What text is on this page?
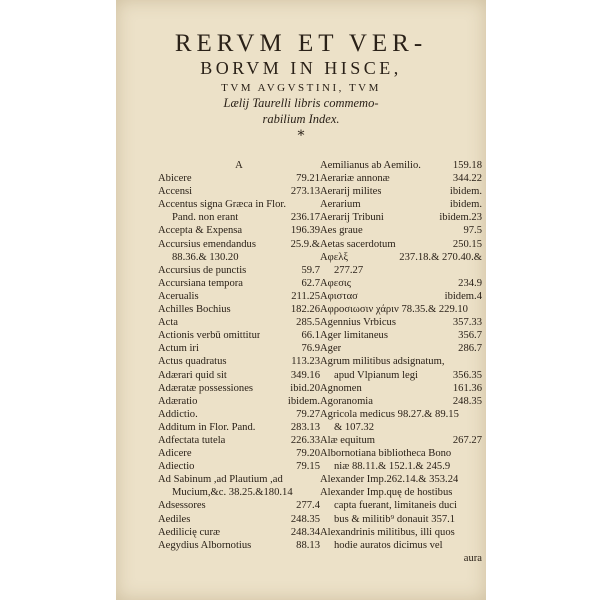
RERVM ET VER-
BORVM IN HISCE,
TVM AVGVSTINI, TVM
Lælij Taurelli libris commemo-
rabilium Index.
*
A
Abicere	79.21
Accensi	273.13
Accentus signa Græca in Flor.
Pand. non erant	236.17
Accepta & Expensa	196.39
Accursius emendandus	25.9.&
88.36.& 130.20
Accursius de punctis	59.7
Accursiana tempora	62.7
Acerualis	211.25
Achilles Bochius	182.26
Acta	285.5
Actionis verbū omittitur	66.1
Actum iri	76.9
Actus quadratus	113.23
Adærari quid sit	349.16
Adæratæ possessiones	ibid.20
Adæratio	ibidem.
Addictio.	79.27
Additum in Flor. Pand.	283.13
Adfectata tutela	226.33
Adicere	79.20
Adiectio	79.15
Ad Sabinum ,ad Plautium ,ad
Mucium,&c. 38.25.&180.14
Adsessores	277.4
Aediles	248.35
Aedilicię curæ	248.34
Aegydius Albornotius	88.13
Aemilianus ab Aemilio.	159.18
Aerariæ annonæ	344.22
Aerarij milites	ibidem.
Aerarium	ibidem.
Aerarij Tribuni	ibidem.23
Aes graue	97.5
Aetas sacerdotum	250.15
Αφελξ	237.18.& 270.40.&
277.27
Αφεσις	234.9
Αφιστασ	ibidem.4
Αφροσιωσιν χάριν 78.35.& 229.10
Agennius Vrbicus	357.33
Ager limitaneus	356.7
Ager	286.7
Agrum militibus adsignatum,
apud Vlpianum legi	356.35
Agnomen	161.36
Agoranomia	248.35
Agricola medicus 98.27.& 89.15
& 107.32
Alæ equitum	267.27
Albornotiana bibliotheca Bono
niæ 88.11.& 152.1.& 245.9
Alexander Imp.262.14.& 353.24
Alexander Imp.quę de hostibus
capta fuerant, limitaneis duci
bus & militib⁹ donauit 357.1
Alexandrinis militibus, illi quos
hodie auratos dicimus vel
aura
